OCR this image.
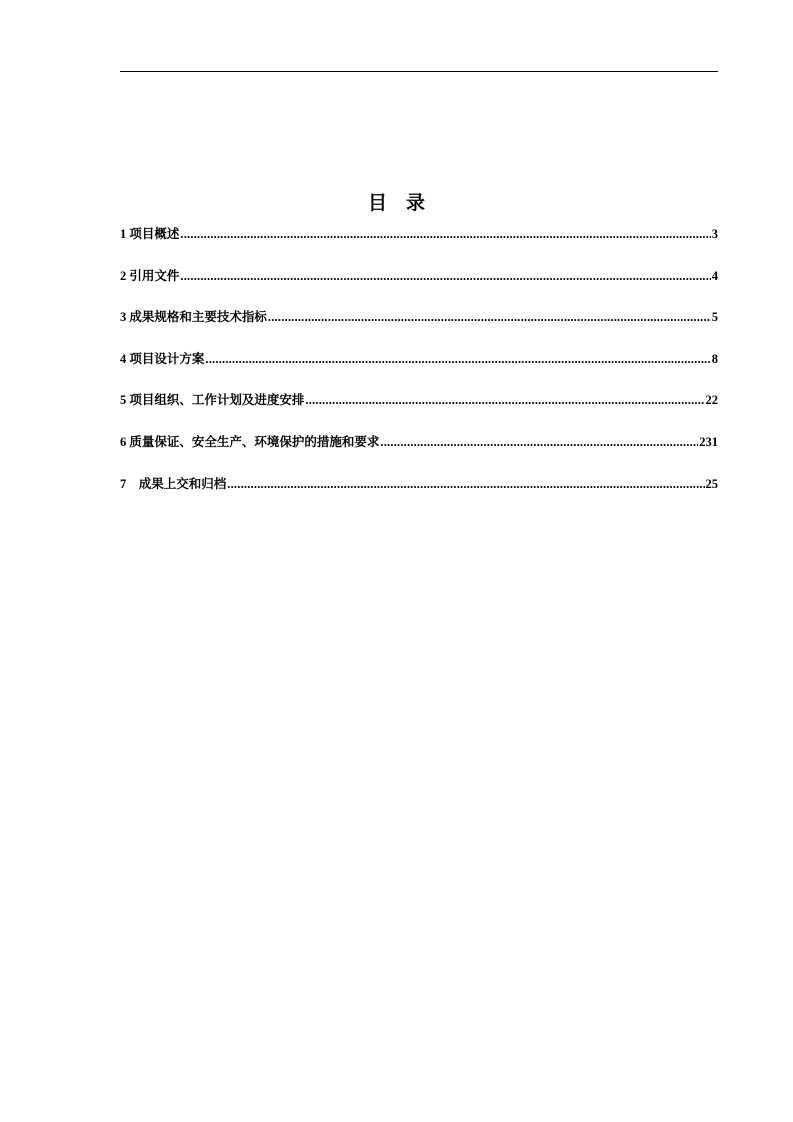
目　录
1 项目概述 .....	3
2 引用文件 .....	4
3 成果规格和主要技术指标 .....	5
4 项目设计方案 .....	8
5 项目组织、工作计划及进度安排 .....	22
6 质量保证、安全生产、环境保护的措施和要求 .....	231
7　成果上交和归档 .....	25
